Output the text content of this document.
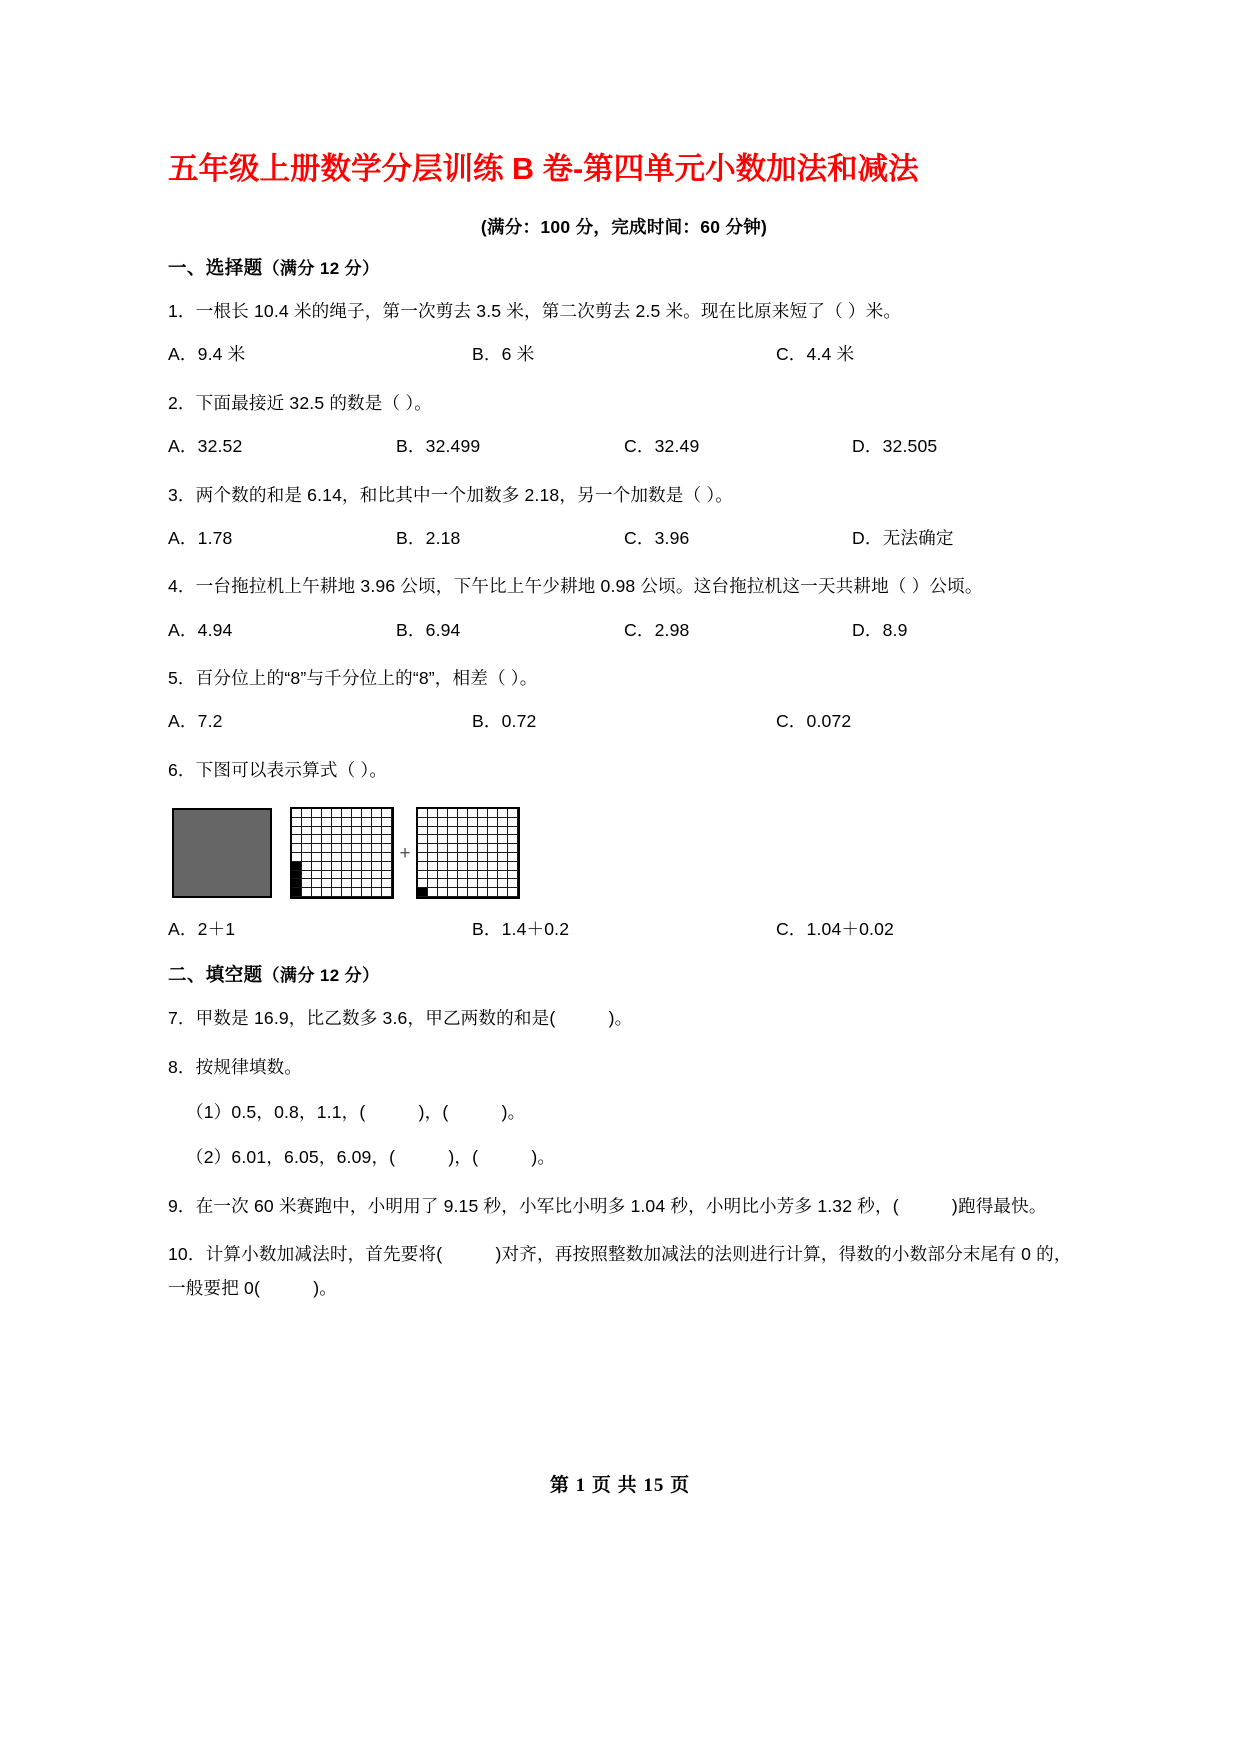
五年级上册数学分层训练 B 卷-第四单元小数加法和减法
(满分：100 分，完成时间：60 分钟)
一、选择题（满分 12 分）
1．一根长 10.4 米的绳子，第一次剪去 3.5 米，第二次剪去 2.5 米。现在比原来短了（ ）米。
A．9.4 米	B．6 米	C．4.4 米
2．下面最接近 32.5 的数是（ ）。
A．32.52	B．32.499	C．32.49	D．32.505
3．两个数的和是 6.14，和比其中一个加数多 2.18，另一个加数是（ ）。
A．1.78	B．2.18	C．3.96	D．无法确定
4．一台拖拉机上午耕地 3.96 公顷，下午比上午少耕地 0.98 公顷。这台拖拉机这一天共耕地（ ）公顷。
A．4.94	B．6.94	C．2.98	D．8.9
5．百分位上的“8”与千分位上的“8”，相差（ ）。
A．7.2	B．0.72	C．0.072
6．下图可以表示算式（ ）。
+
A．2＋1	B．1.4＋0.2	C．1.04＋0.02
二、填空题（满分 12 分）
7．甲数是 16.9，比乙数多 3.6，甲乙两数的和是(　　　)。
8．按规律填数。
（1）0.5，0.8，1.1，(　　　)，(　　　)。
（2）6.01，6.05，6.09，(　　　)，(　　　)。
9．在一次 60 米赛跑中，小明用了 9.15 秒，小军比小明多 1.04 秒，小明比小芳多 1.32 秒，(　　　)跑得最快。
10．计算小数加减法时，首先要将(　　　)对齐，再按照整数加减法的法则进行计算，得数的小数部分末尾有 0 的，一般要把 0(　　　)。
第 1 页 共 15 页
